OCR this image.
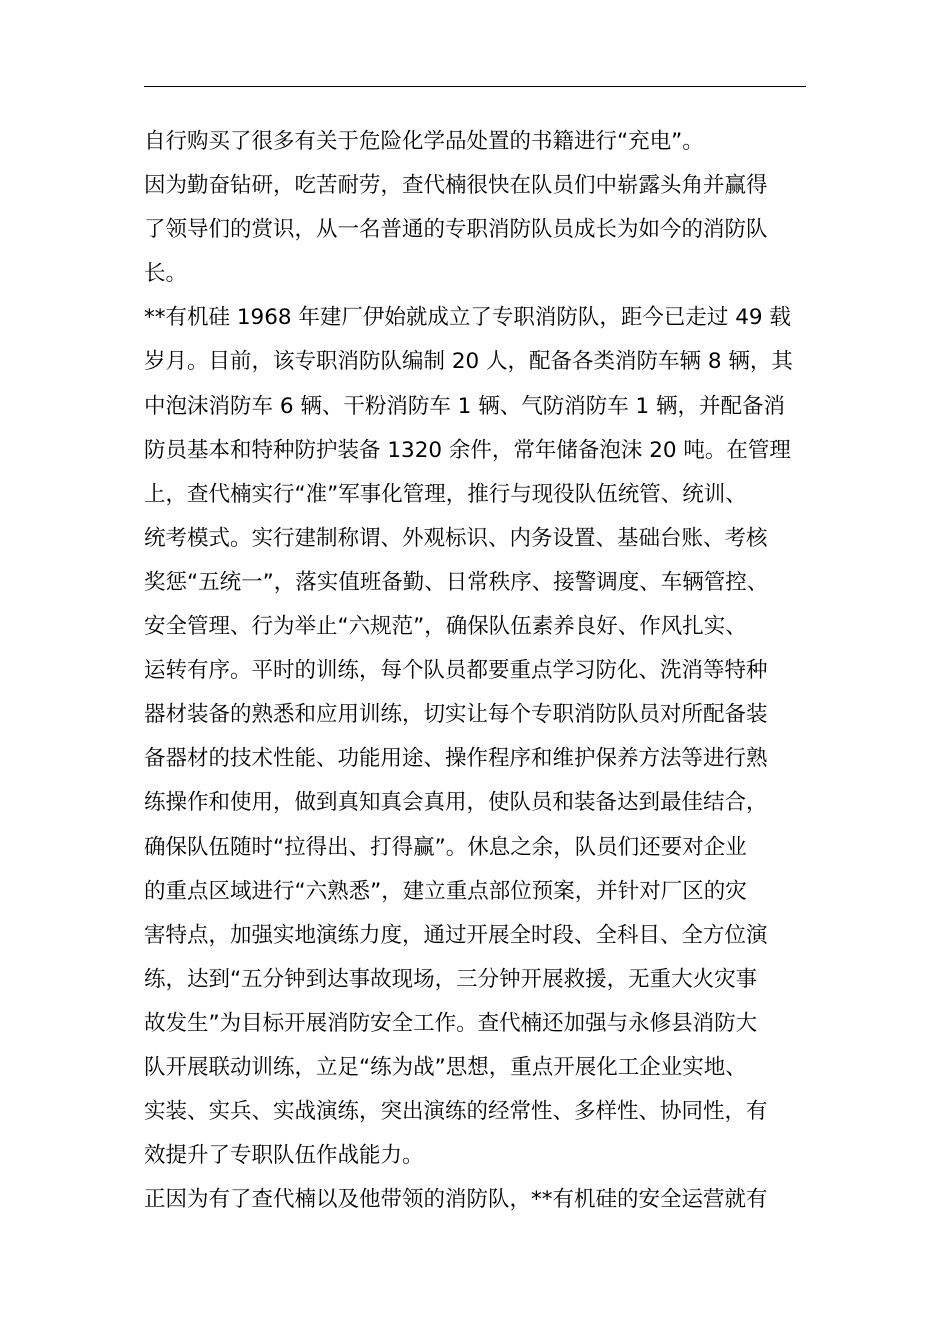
自行购买了很多有关于危险化学品处置的书籍进行“充电”。
因为勤奋钻研，吃苦耐劳，查代楠很快在队员们中崭露头角并赢得
了领导们的赏识，从一名普通的专职消防队员成长为如今的消防队
长。
**有机硅 1968 年建厂伊始就成立了专职消防队，距今已走过 49 载
岁月。目前，该专职消防队编制 20 人，配备各类消防车辆 8 辆，其
中泡沫消防车 6 辆、干粉消防车 1 辆、气防消防车 1 辆，并配备消
防员基本和特种防护装备 1320 余件，常年储备泡沫 20 吨。在管理
上，查代楠实行“准”军事化管理，推行与现役队伍统管、统训、
统考模式。实行建制称谓、外观标识、内务设置、基础台账、考核
奖惩“五统一”，落实值班备勤、日常秩序、接警调度、车辆管控、
安全管理、行为举止“六规范”，确保队伍素养良好、作风扎实、
运转有序。平时的训练，每个队员都要重点学习防化、洗消等特种
器材装备的熟悉和应用训练，切实让每个专职消防队员对所配备装
备器材的技术性能、功能用途、操作程序和维护保养方法等进行熟
练操作和使用，做到真知真会真用，使队员和装备达到最佳结合，
确保队伍随时“拉得出、打得赢”。休息之余，队员们还要对企业
的重点区域进行“六熟悉”，建立重点部位预案，并针对厂区的灾
害特点，加强实地演练力度，通过开展全时段、全科目、全方位演
练，达到“五分钟到达事故现场，三分钟开展救援，无重大火灾事
故发生”为目标开展消防安全工作。查代楠还加强与永修县消防大
队开展联动训练，立足“练为战”思想，重点开展化工企业实地、
实装、实兵、实战演练，突出演练的经常性、多样性、协同性，有
效提升了专职队伍作战能力。
正因为有了查代楠以及他带领的消防队，**有机硅的安全运营就有
